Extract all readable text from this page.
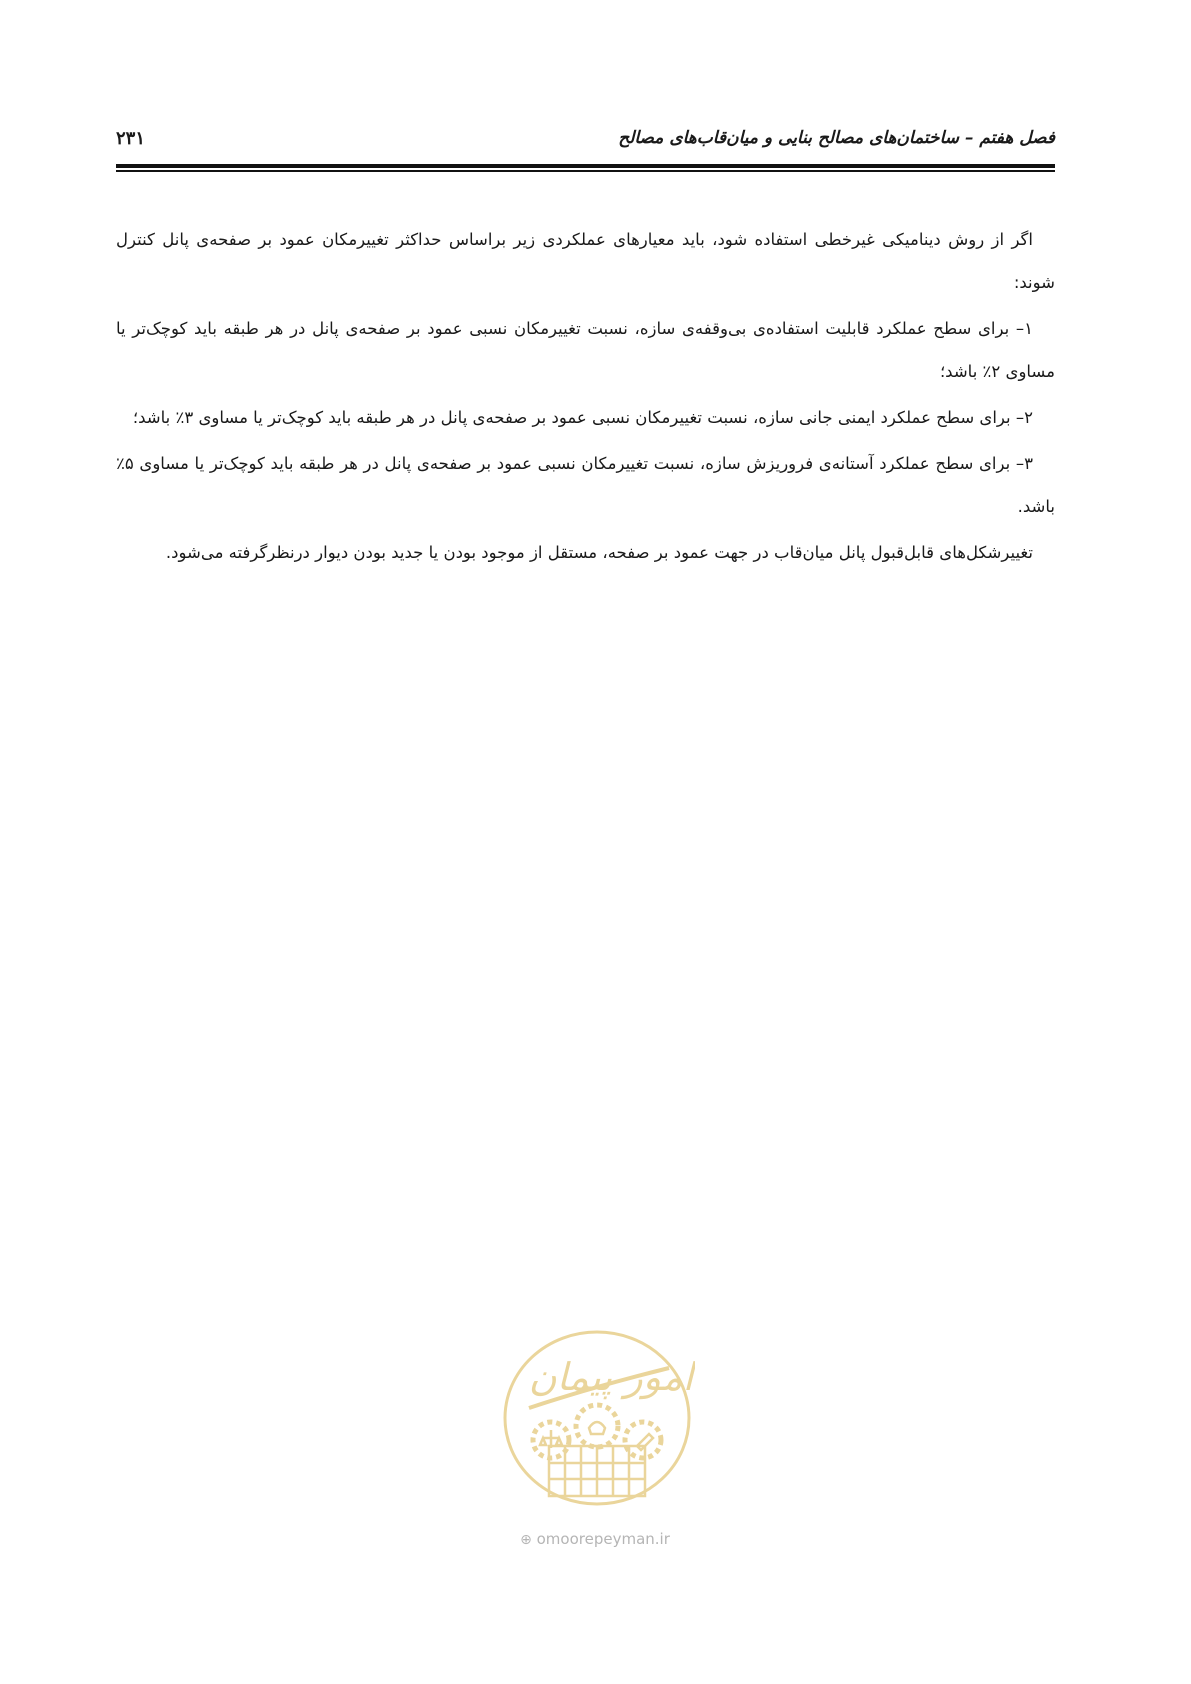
فصل هفتم – ساختمان‌های مصالح بنایی و میان‌قاب‌های مصالح
۲۳۱

اگر از روش دینامیکی غیرخطی استفاده شود، باید معیارهای عملکردی زیر براساس حداکثر تغییرمکان عمود بر صفحه‌ی پانل کنترل شوند:

۱– برای سطح عملکرد قابلیت استفاده‌ی بی‌وقفه‌ی سازه، نسبت تغییرمکان نسبی عمود بر صفحه‌ی پانل در هر طبقه باید کوچک‌تر یا مساوی ۲٪ باشد؛

۲– برای سطح عملکرد ایمنی جانی سازه، نسبت تغییرمکان نسبی عمود بر صفحه‌ی پانل در هر طبقه باید کوچک‌تر یا مساوی ۳٪ باشد؛

۳– برای سطح عملکرد آستانه‌ی فروریزش سازه، نسبت تغییرمکان نسبی عمود بر صفحه‌ی پانل در هر طبقه باید کوچک‌تر یا مساوی ۵٪ باشد.

تغییرشکل‌های قابل‌قبول پانل میان‌قاب در جهت عمود بر صفحه، مستقل از موجود بودن یا جدید بودن دیوار درنظرگرفته می‌شود.

امور پیمان
⊕ omoorepeyman.ir
